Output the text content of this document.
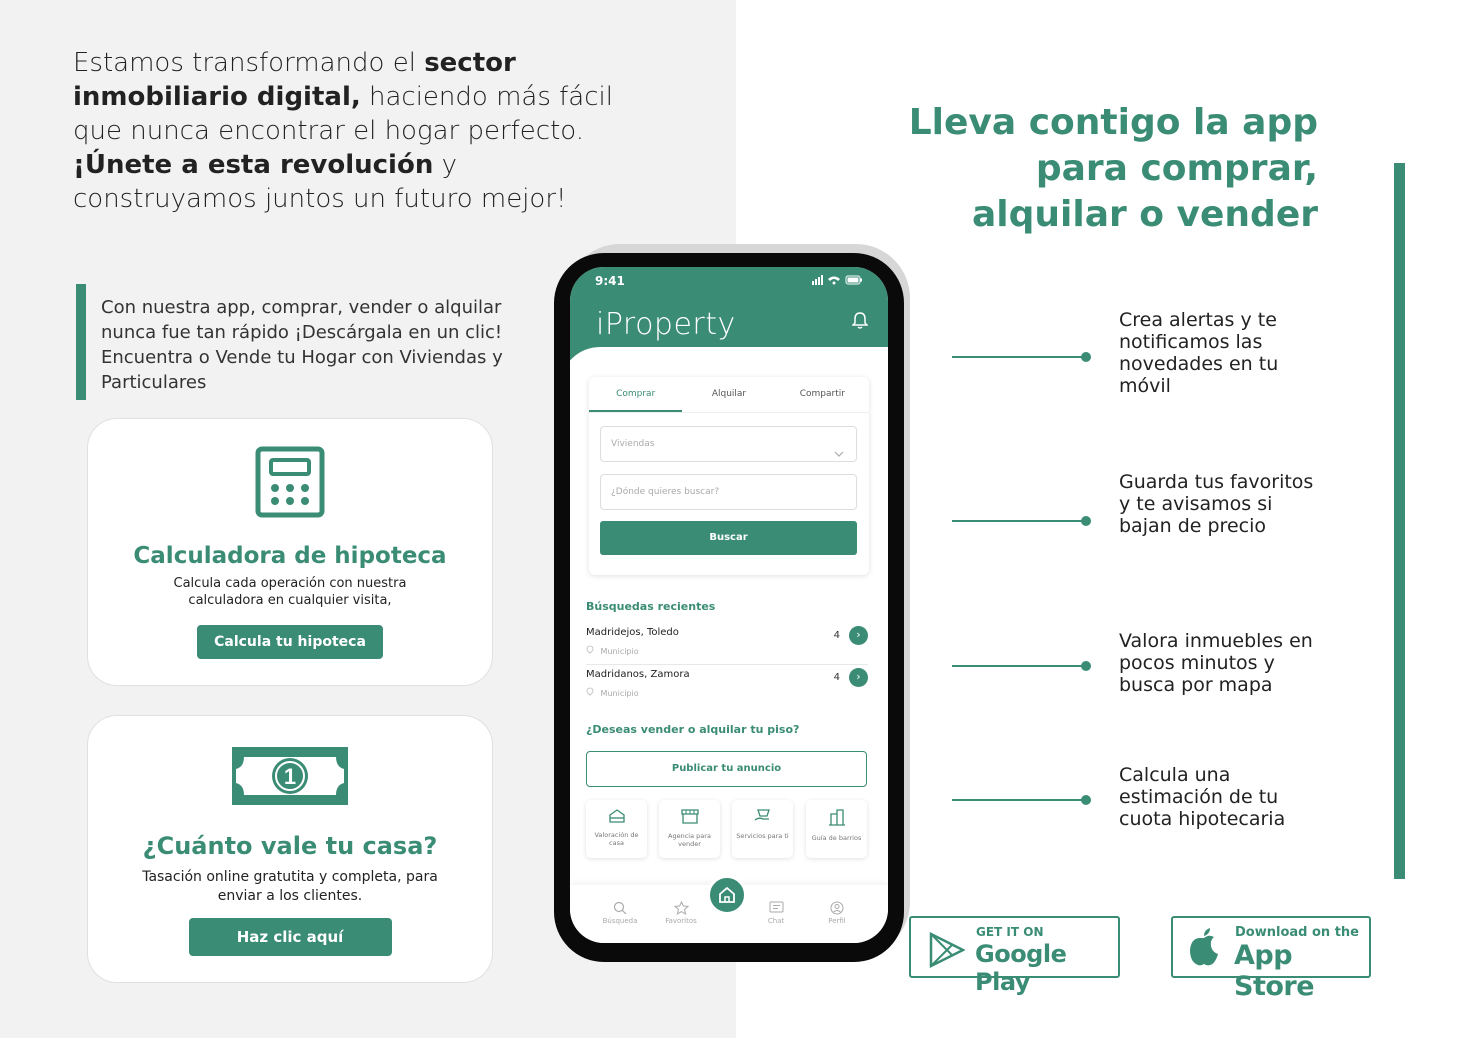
Estamos transformando el sector inmobiliario digital, haciendo más fácil que nunca encontrar el hogar perfecto. ¡Únete a esta revolución y construyamos juntos un futuro mejor!
Con nuestra app, comprar, vender o alquilar nunca fue tan rápido ¡Descárgala en un clic! Encuentra o Vende tu Hogar con Viviendas y Particulares
Calculadora de hipoteca

Calcula cada operación con nuestra calculadora en cualquier visita,

Calcula tu hipoteca
1
¿Cuánto vale tu casa?

Tasación online gratutita y completa, para enviar a los clientes.

Haz clic aquí
9:41
iProperty
Comprar	Alquilar	Compartir
Viviendas
¿Dónde quieres buscar?
Buscar
Búsquedas recientes
Madridejos, Toledo
Municipio
4	›
Madridanos, Zamora
Municipio
4	›
¿Deseas vender o alquilar tu piso?
Publicar tu anuncio
Valoración de casa
Agencia para vender
Servicios para ti	Guía de barrios
Búsqueda	Favoritos	Chat	Perfil
Lleva contigo la app para comprar, alquilar o vender
Crea alertas y te notificamos las novedades en tu móvil
Guarda tus favoritos y te avisamos si bajan de precio
Valora inmuebles en pocos minutos y busca por mapa
Calcula una estimación de tu cuota hipotecaria
GET IT ON
Google Play
Download on the
App Store
